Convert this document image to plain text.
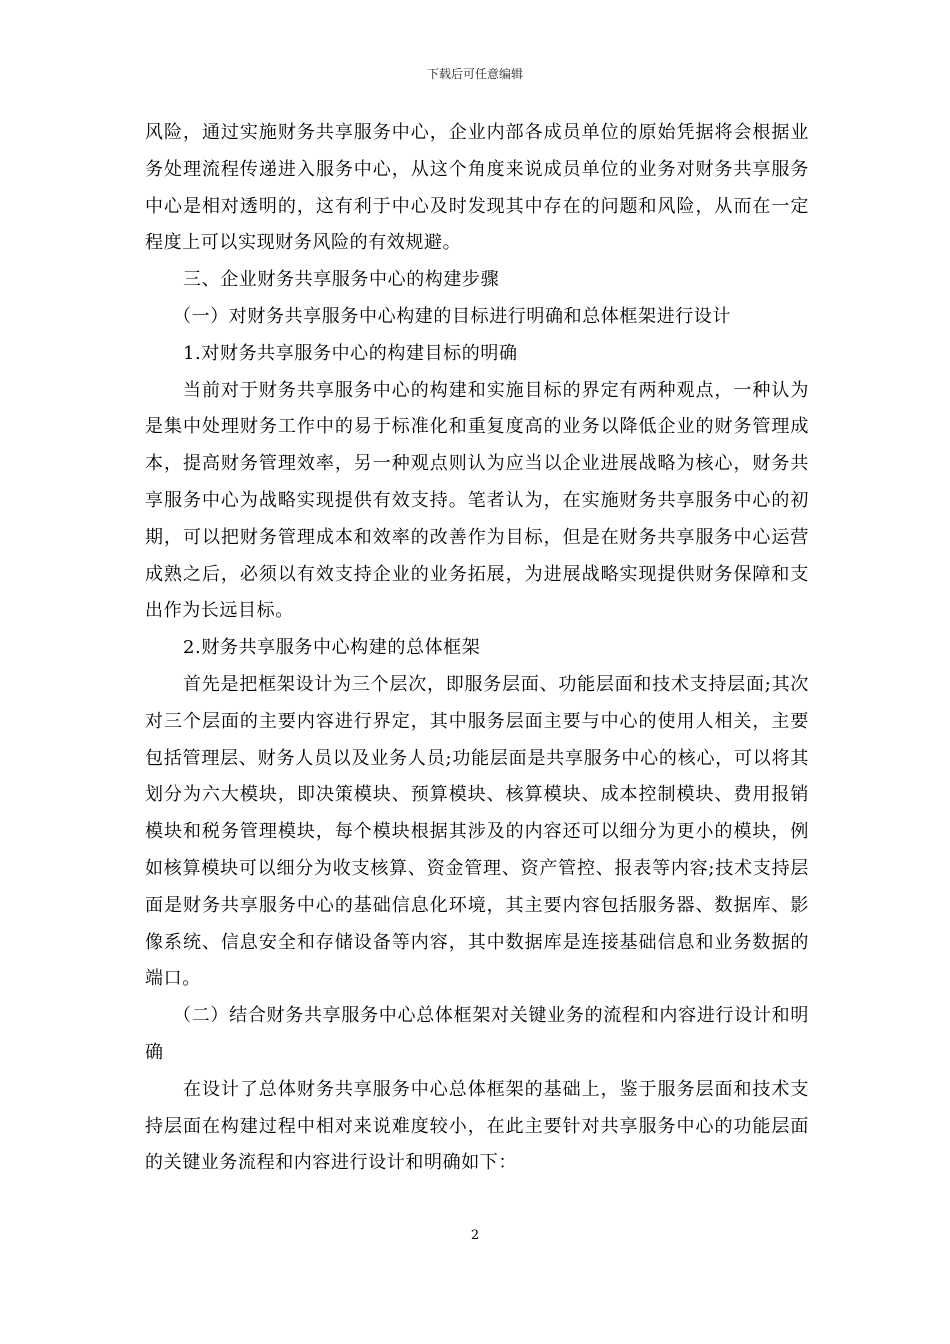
下载后可任意编辑

风险，通过实施财务共享服务中心，企业内部各成员单位的原始凭据将会根据业务处理流程传递进入服务中心，从这个角度来说成员单位的业务对财务共享服务中心是相对透明的，这有利于中心及时发现其中存在的问题和风险，从而在一定程度上可以实现财务风险的有效规避。

三、企业财务共享服务中心的构建步骤

（一）对财务共享服务中心构建的目标进行明确和总体框架进行设计

1.对财务共享服务中心的构建目标的明确

当前对于财务共享服务中心的构建和实施目标的界定有两种观点，一种认为是集中处理财务工作中的易于标准化和重复度高的业务以降低企业的财务管理成本，提高财务管理效率，另一种观点则认为应当以企业进展战略为核心，财务共享服务中心为战略实现提供有效支持。笔者认为，在实施财务共享服务中心的初期，可以把财务管理成本和效率的改善作为目标，但是在财务共享服务中心运营成熟之后，必须以有效支持企业的业务拓展，为进展战略实现提供财务保障和支出作为长远目标。

2.财务共享服务中心构建的总体框架

首先是把框架设计为三个层次，即服务层面、功能层面和技术支持层面;其次对三个层面的主要内容进行界定，其中服务层面主要与中心的使用人相关，主要包括管理层、财务人员以及业务人员;功能层面是共享服务中心的核心，可以将其划分为六大模块，即决策模块、预算模块、核算模块、成本控制模块、费用报销模块和税务管理模块，每个模块根据其涉及的内容还可以细分为更小的模块，例如核算模块可以细分为收支核算、资金管理、资产管控、报表等内容;技术支持层面是财务共享服务中心的基础信息化环境，其主要内容包括服务器、数据库、影像系统、信息安全和存储设备等内容，其中数据库是连接基础信息和业务数据的端口。

（二）结合财务共享服务中心总体框架对关键业务的流程和内容进行设计和明确

在设计了总体财务共享服务中心总体框架的基础上，鉴于服务层面和技术支持层面在构建过程中相对来说难度较小，在此主要针对共享服务中心的功能层面的关键业务流程和内容进行设计和明确如下：

2
